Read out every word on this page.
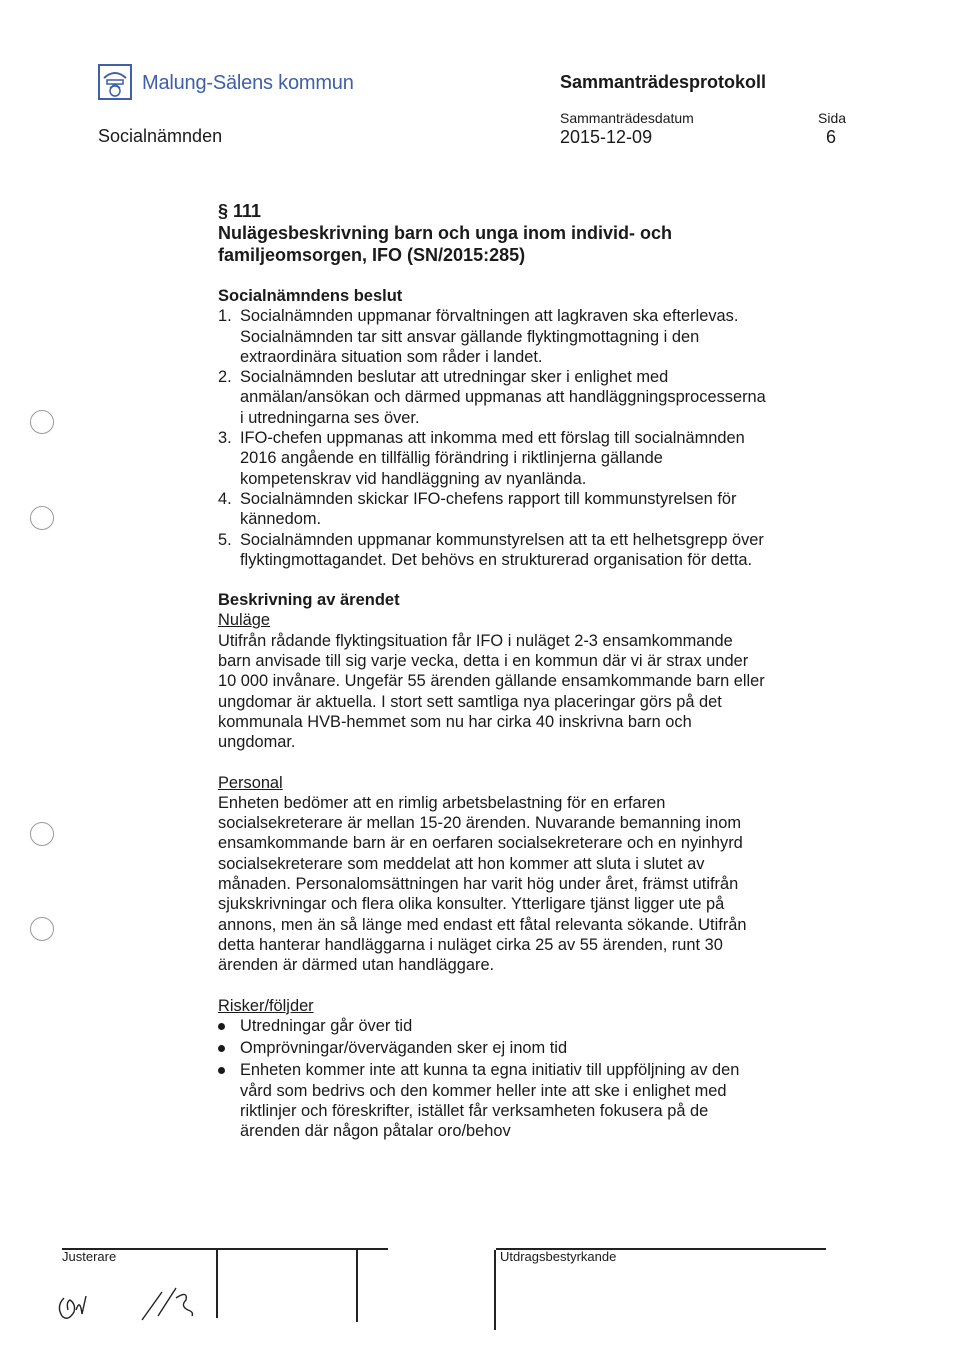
Malung-Sälens kommun	Sammanträdesprotokoll
Socialnämnden
Sammanträdesdatum
2015-12-09
Sida
6
§ 111
Nulägesbeskrivning barn och unga inom individ- och
familjeomsorgen, IFO (SN/2015:285)
Socialnämndens beslut
1. Socialnämnden uppmanar förvaltningen att lagkraven ska efterlevas.
Socialnämnden tar sitt ansvar gällande flyktingmottagning i den
extraordinära situation som råder i landet.
2. Socialnämnden beslutar att utredningar sker i enlighet med
anmälan/ansökan och därmed uppmanas att handläggningsprocesserna
i utredningarna ses över.
3. IFO-chefen uppmanas att inkomma med ett förslag till socialnämnden
2016 angående en tillfällig förändring i riktlinjerna gällande
kompetenskrav vid handläggning av nyanlända.
4. Socialnämnden skickar IFO-chefens rapport till kommunstyrelsen för
kännedom.
5. Socialnämnden uppmanar kommunstyrelsen att ta ett helhetsgrepp över
flyktingmottagandet. Det behövs en strukturerad organisation för detta.
Beskrivning av ärendet
Nuläge
Utifrån rådande flyktingsituation får IFO i nuläget 2-3 ensamkommande
barn anvisade till sig varje vecka, detta i en kommun där vi är strax under
10 000 invånare. Ungefär 55 ärenden gällande ensamkommande barn eller
ungdomar är aktuella. I stort sett samtliga nya placeringar görs på det
kommunala HVB-hemmet som nu har cirka 40 inskrivna barn och
ungdomar.
Personal
Enheten bedömer att en rimlig arbetsbelastning för en erfaren
socialsekreterare är mellan 15-20 ärenden. Nuvarande bemanning inom
ensamkommande barn är en oerfaren socialsekreterare och en nyinhyrd
socialsekreterare som meddelat att hon kommer att sluta i slutet av
månaden. Personalomsättningen har varit hög under året, främst utifrån
sjukskrivningar och flera olika konsulter. Ytterligare tjänst ligger ute på
annons, men än så länge med endast ett fåtal relevanta sökande. Utifrån
detta hanterar handläggarna i nuläget cirka 25 av 55 ärenden, runt 30
ärenden är därmed utan handläggare.
Risker/följder
Utredningar går över tid
Omprövningar/överväganden sker ej inom tid
Enheten kommer inte att kunna ta egna initiativ till uppföljning av den
vård som bedrivs och den kommer heller inte att ske i enlighet med
riktlinjer och föreskrifter, istället får verksamheten fokusera på de
ärenden där någon påtalar oro/behov
Justerare	Utdragsbestyrkande
